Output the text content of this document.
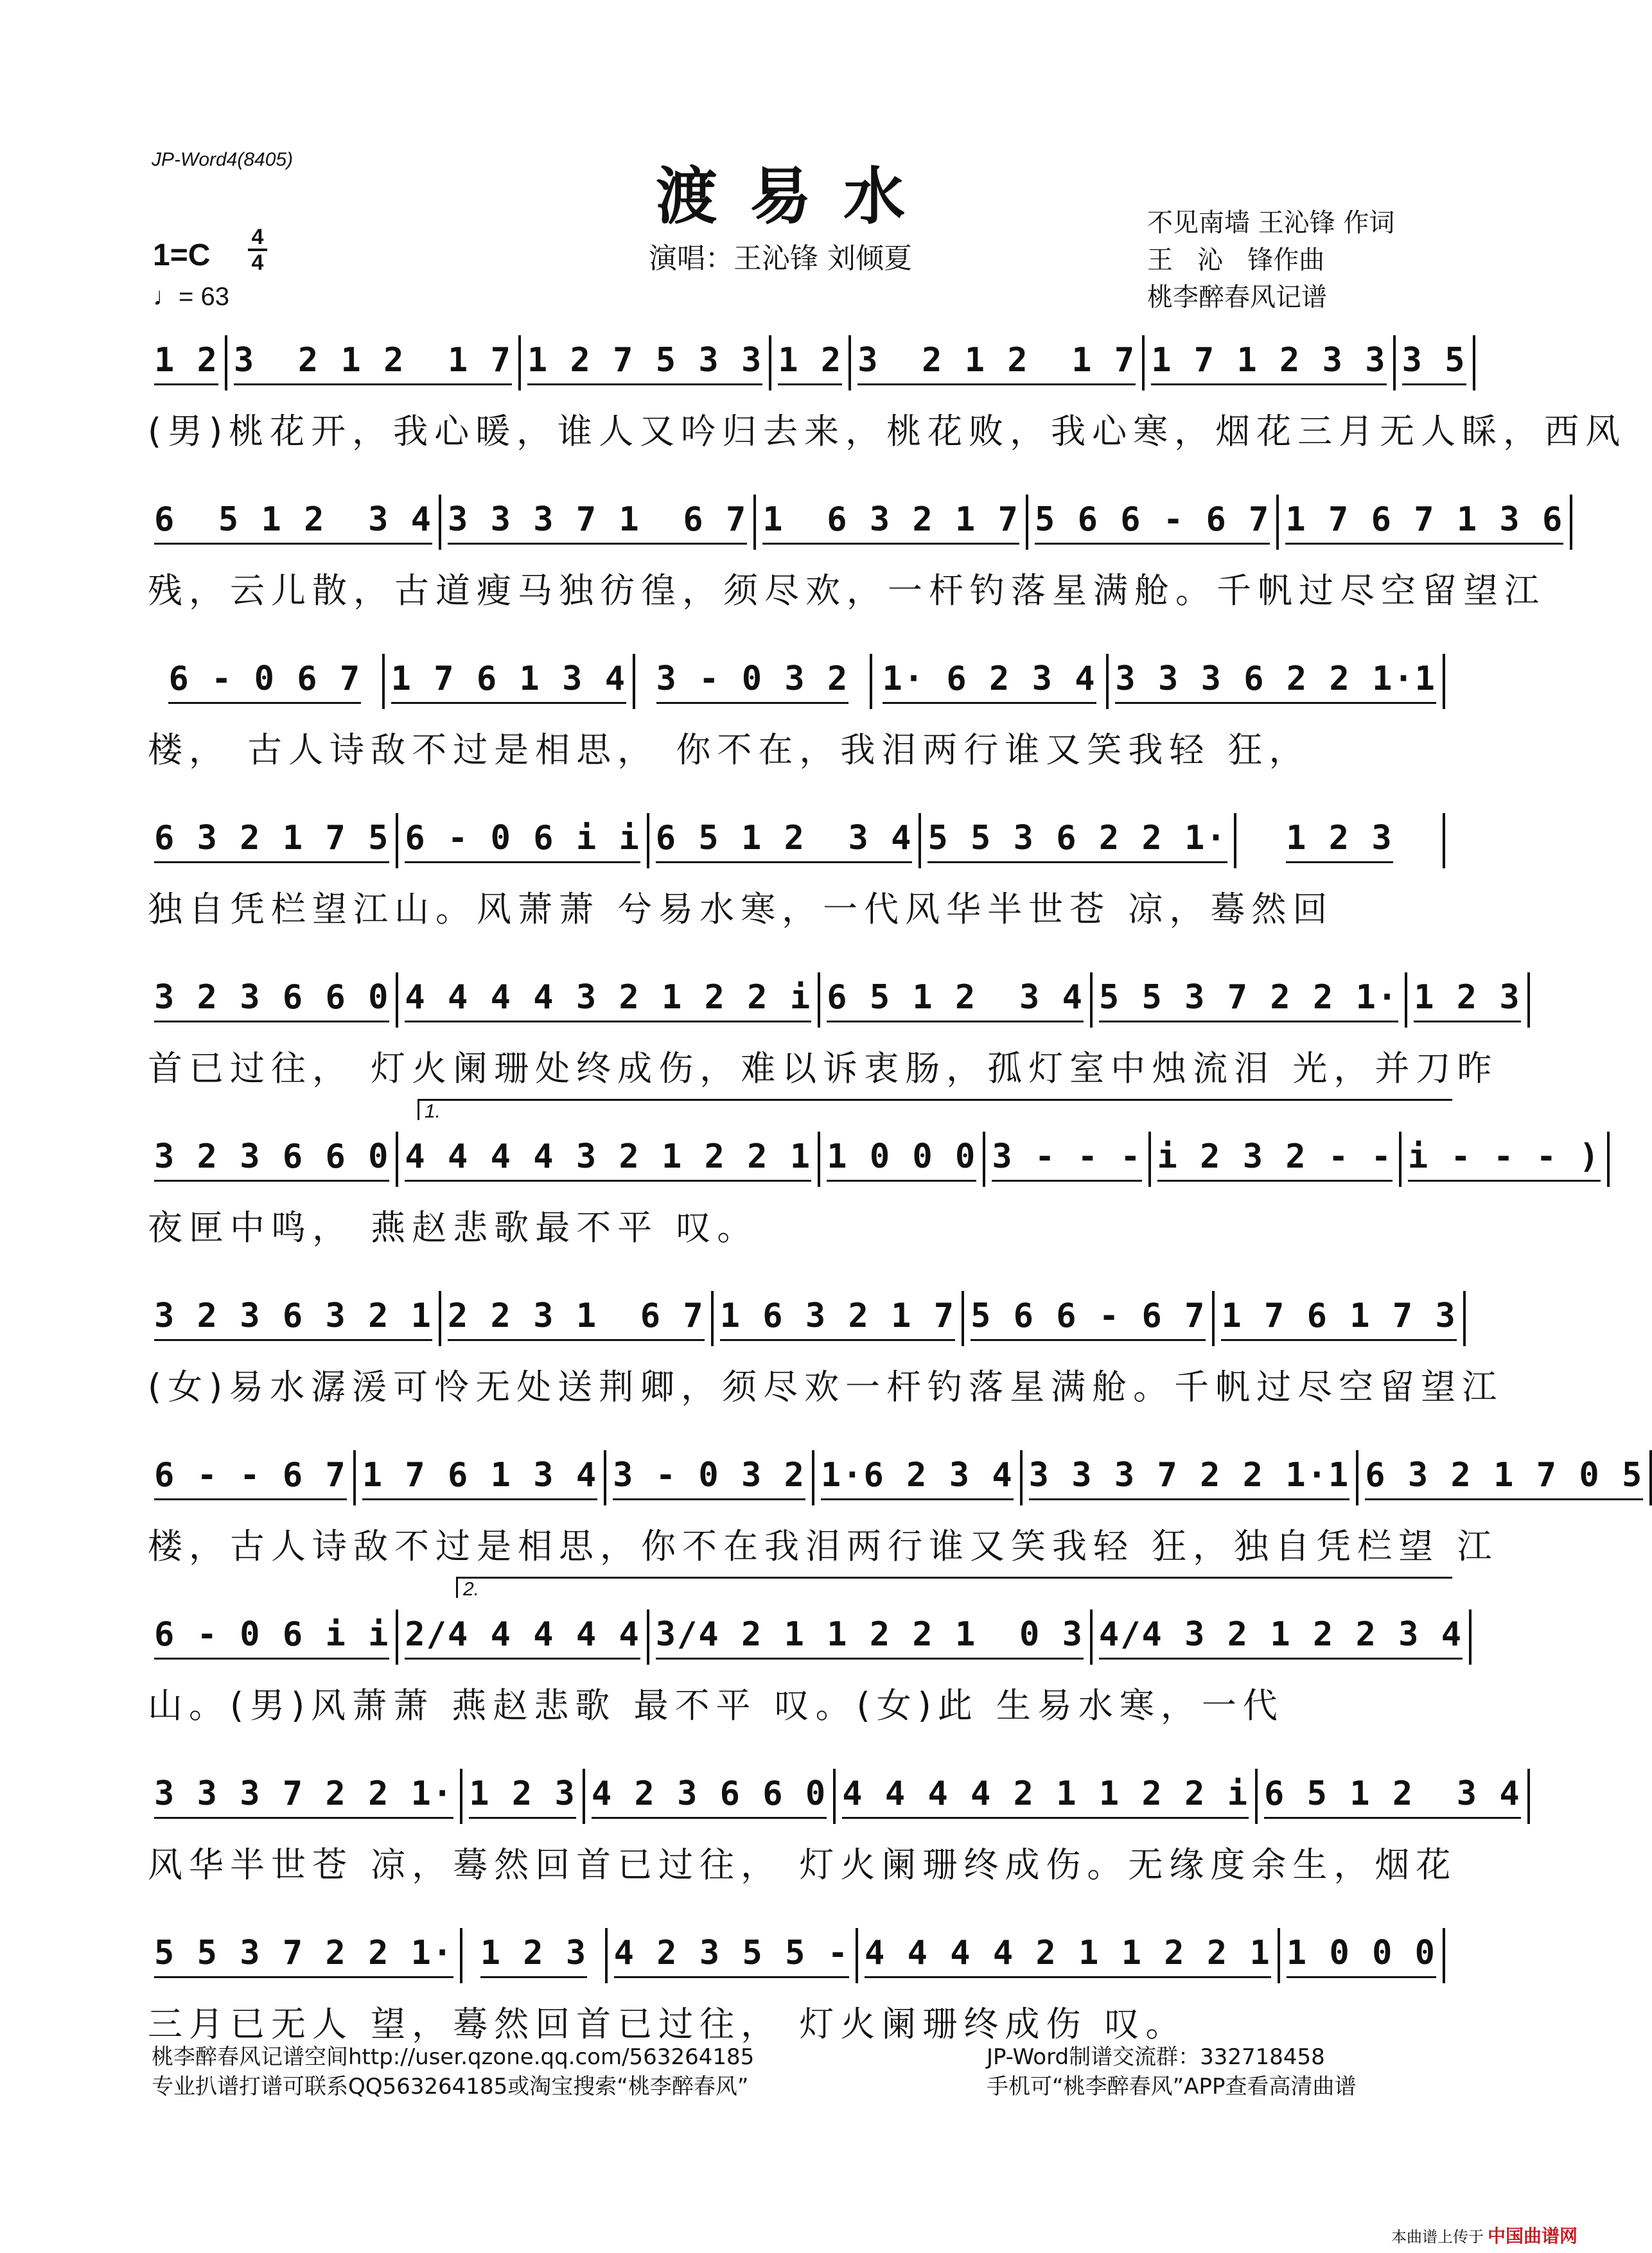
JP-Word4(8405)
渡易水
演唱：王沁锋 刘倾夏
不见南墙 王沁锋 作词
王   沁   锋作曲
桃李醉春风记谱
1=C
4
4
♩= 63
1 2 3  2 1 2  1 7 1 2 7 5 3 3 1 2 3  2 1 2  1 7 1 7 1 2 3 3 3 5
(男)桃花开，我心暖，谁人又吟归去来，桃花败，我心寒，烟花三月无人睬，西风
6  5 1 2  3 4 3 3 3 7 1  6 7 1  6 3 2 1 7 5 6 6 - 6 7 1 7 6 7 1 3 6
残，云儿散，古道瘦马独彷徨，须尽欢，一杆钓落星满舱。千帆过尽空留望江
6 - 0 6 7 1 7 6 1 3 4 3 - 0 3 2 1· 6 2 3 4 3 3 3 6 2 2 1·1
楼， 古人诗敌不过是相思， 你不在，我泪两行谁又笑我轻 狂，
6 3 2 1 7 5 6 - 0 6 i i 6 5 1 2  3 4 5 5 3 6 2 2 1· 1 2 3
独自凭栏望江山。风萧萧 兮易水寒，一代风华半世苍 凉，蓦然回
3 2 3 6 6 0 4 4 4 4 3 2 1 2 2 i 6 5 1 2  3 4 5 5 3 7 2 2 1· 1 2 3
首已过往， 灯火阑珊处终成伤，难以诉衷肠，孤灯室中烛流泪 光，并刀昨
1.
3 2 3 6 6 0 4 4 4 4 3 2 1 2 2 1 1 0 0 0 3 - - - i 2 3 2 - - i - - - )
夜匣中鸣， 燕赵悲歌最不平 叹。
3 2 3 6 3 2 1 2 2 3 1  6 7 1 6 3 2 1 7 5 6 6 - 6 7 1 7 6 1 7 3
(女)易水潺湲可怜无处送荆卿，须尽欢一杆钓落星满舱。千帆过尽空留望江
6 - - 6 7 1 7 6 1 3 4 3 - 0 3 2 1·6 2 3 4 3 3 3 7 2 2 1·1 6 3 2 1 7 0 5
楼，古人诗敌不过是相思，你不在我泪两行谁又笑我轻 狂，独自凭栏望 江
2.
6 - 0 6 i i 2/4 4 4 4 4 3/4 2 1 1 2 2 1  0 3 4/4 3 2 1 2 2 3 4
山。(男)风萧萧 燕赵悲歌 最不平 叹。(女)此 生易水寒，一代
3 3 3 7 2 2 1· 1 2 3 4 2 3 6 6 0 4 4 4 4 2 1 1 2 2 i 6 5 1 2  3 4
风华半世苍 凉，蓦然回首已过往， 灯火阑珊终成伤。无缘度余生，烟花
5 5 3 7 2 2 1· 1 2 3 4 2 3 5 5 - 4 4 4 4 2 1 1 2 2 1 1 0 0 0
三月已无人 望，蓦然回首已过往， 灯火阑珊终成伤 叹。
桃李醉春风记谱空间http://user.qzone.qq.com/563264185
专业扒谱打谱可联系QQ563264185或淘宝搜索“桃李醉春风”
JP-Word制谱交流群：332718458
手机可“桃李醉春风”APP查看高清曲谱
本曲谱上传于 中国曲谱网
